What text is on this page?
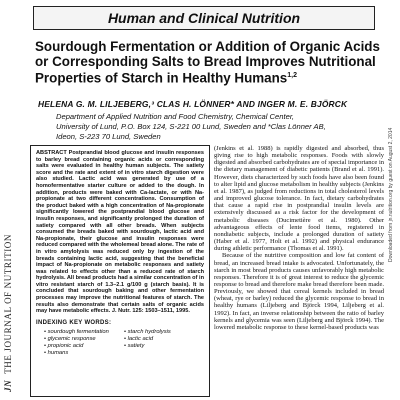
JNTHE JOURNAL OF NUTRITION
Human and Clinical Nutrition
Sourdough Fermentation or Addition of Organic Acids or Corresponding Salts to Bread Improves Nutritional Properties of Starch in Healthy Humans$^{1,2}$
HELENA G. M. LILJEBERG,³ CLAS H. LÖNNER* AND INGER M. E. BJÖRCK
Department of Applied Nutrition and Food Chemistry, Chemical Center,
University of Lund, P.O. Box 124, S-221 00 Lund, Sweden and *Clas Lönner AB,
Ideon, S-223 70 Lund, Sweden	Downloaded from jn.nutrition.org by guest on August 2, 2014
ABSTRACT Postprandial blood glucose and insulin responses to barley bread containing organic acids or corresponding salts were evaluated in healthy human subjects. The satiety score and the rate and extent of in vitro starch digestion were also studied. Lactic acid was generated by use of a homofermentative starter culture or added to the dough. In addition, products were baked with Ca-lactate, or with Na-propionate at two different concentrations. Consumption of the product baked with a high concentration of Na-propionate significantly lowered the postprandial blood glucose and insulin responses, and significantly prolonged the duration of satiety compared with all other breads. When subjects consumed the breads baked with sourdough, lactic acid and Na-propionate, their glucose and insulin responses were reduced compared with the wholemeal bread alone. The rate of in vitro amylolysis was reduced only by ingestion of the breads containing lactic acid, suggesting that the beneficial impact of Na-propionate on metabolic responses and satiety was related to effects other than a reduced rate of starch hydrolysis. All bread products had a similar concentration of in vitro resistant starch of 1.3–2.1 g/100 g (starch basis). It is concluded that sourdough baking and other fermentation processes may improve the nutritional features of starch. The results also demonstrate that certain salts of organic acids may have metabolic effects. J. Nutr. 125: 1503–1511, 1995.
INDEXING KEY WORDS:
• sourdough fermentation	• starch hydrolysis
• glycemic response	• lactic acid
• propionic acid	• satiety
• humans

(Jenkins et al. 1988) is rapidly digested and absorbed, thus giving rise to high metabolic responses. Foods with slowly digested and absorbed carbohydrates are of special importance in the dietary management of diabetic patients (Brand et al. 1991). However, diets characterized by such foods have also been found to alter lipid and glucose metabolism in healthy subjects (Jenkins et al. 1987), as judged from reductions in total cholesterol levels and improved glucose tolerance. In fact, dietary carbohydrates that cause a rapid rise in postprandial insulin levels are extensively discussed as a risk factor for the development of metabolic diseases (Ducimetière et al. 1980). Other advantageous effects of lente food items, registered in nondiabetic subjects, include a prolonged duration of satiety (Haber et al. 1977, Holt et al. 1992) and physical endurance during athletic performance (Thomas et al. 1991).

Because of the nutritive composition and low fat content of bread, an increased bread intake is advocated. Unfortunately, the starch in most bread products causes unfavorably high metabolic responses. Therefore it is of great interest to reduce the glycemic response to bread and therefore make bread therefore been made. Previously, we showed that cereal kernels included in bread (wheat, rye or barley) reduced the glycemic response to bread in healthy humans (Liljeberg and Björck 1994, Liljeberg et al. 1992). In fact, an inverse relationship between the ratio of barley kernels and glycemia was seen (Liljeberg and Björck 1994). The lowered metabolic response to these kernel-based products was
